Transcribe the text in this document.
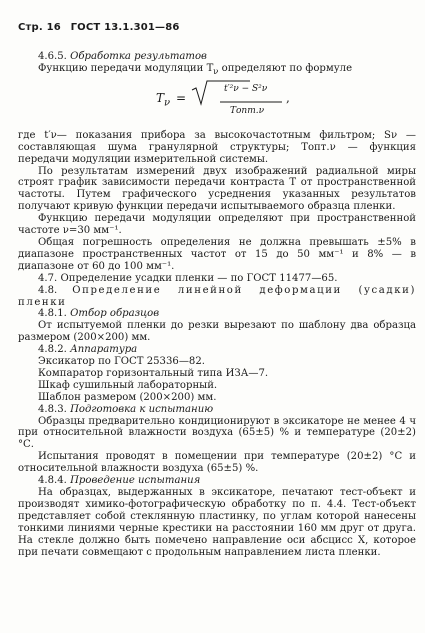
Стр. 16 ГОСТ 13.1.301—86

4.6.5. Обработка результатов

Функцию передачи модуляции $T_\nu$ определяют по формуле

$T_\nu$ =
t′²ν − S²ν
Tопт.ν
,

где t′ν— показания прибора за высокочастотным фильтром; Sν — составляющая шума гранулярной структуры; Tопт.ν — функция передачи модуляции измерительной системы.

По результатам измерений двух изображений радиальной миры строят график зависимости передачи контраста T от пространственной частоты. Путем графического усреднения указанных результатов получают кривую функции передачи испытываемого образца пленки.

Функцию передачи модуляции определяют при пространственной частоте ν=30 мм⁻¹.

Общая погрешность определения не должна превышать ±5% в диапазоне пространственных частот от 15 до 50 мм⁻¹ и 8% — в диапазоне от 60 до 100 мм⁻¹.

4.7. Определение усадки пленки — по ГОСТ 11477—65.

4.8. Определение линейной деформации (усадки) пленки

4.8.1. Отбор образцов

От испытуемой пленки до резки вырезают по шаблону два образца размером (200×200) мм.

4.8.2. Аппаратура

Эксикатор по ГОСТ 25336—82.

Компаратор горизонтальный типа ИЗА—7.

Шкаф сушильный лабораторный.

Шаблон размером (200×200) мм.

4.8.3. Подготовка к испытанию

Образцы предварительно кондиционируют в эксикаторе не менее 4 ч при относительной влажности воздуха (65±5) % и температуре (20±2) °С.

Испытания проводят в помещении при температуре (20±2) °С и относительной влажности воздуха (65±5) %.

4.8.4. Проведение испытания

На образцах, выдержанных в эксикаторе, печатают тест-объект и производят химико-фотографическую обработку по п. 4.4. Тест-объект представляет собой стеклянную пластинку, по углам которой нанесены тонкими линиями черные крестики на расстоянии 160 мм друг от друга. На стекле должно быть помечено направление оси абсцисс X, которое при печати совмещают с продольным направлением листа пленки.
